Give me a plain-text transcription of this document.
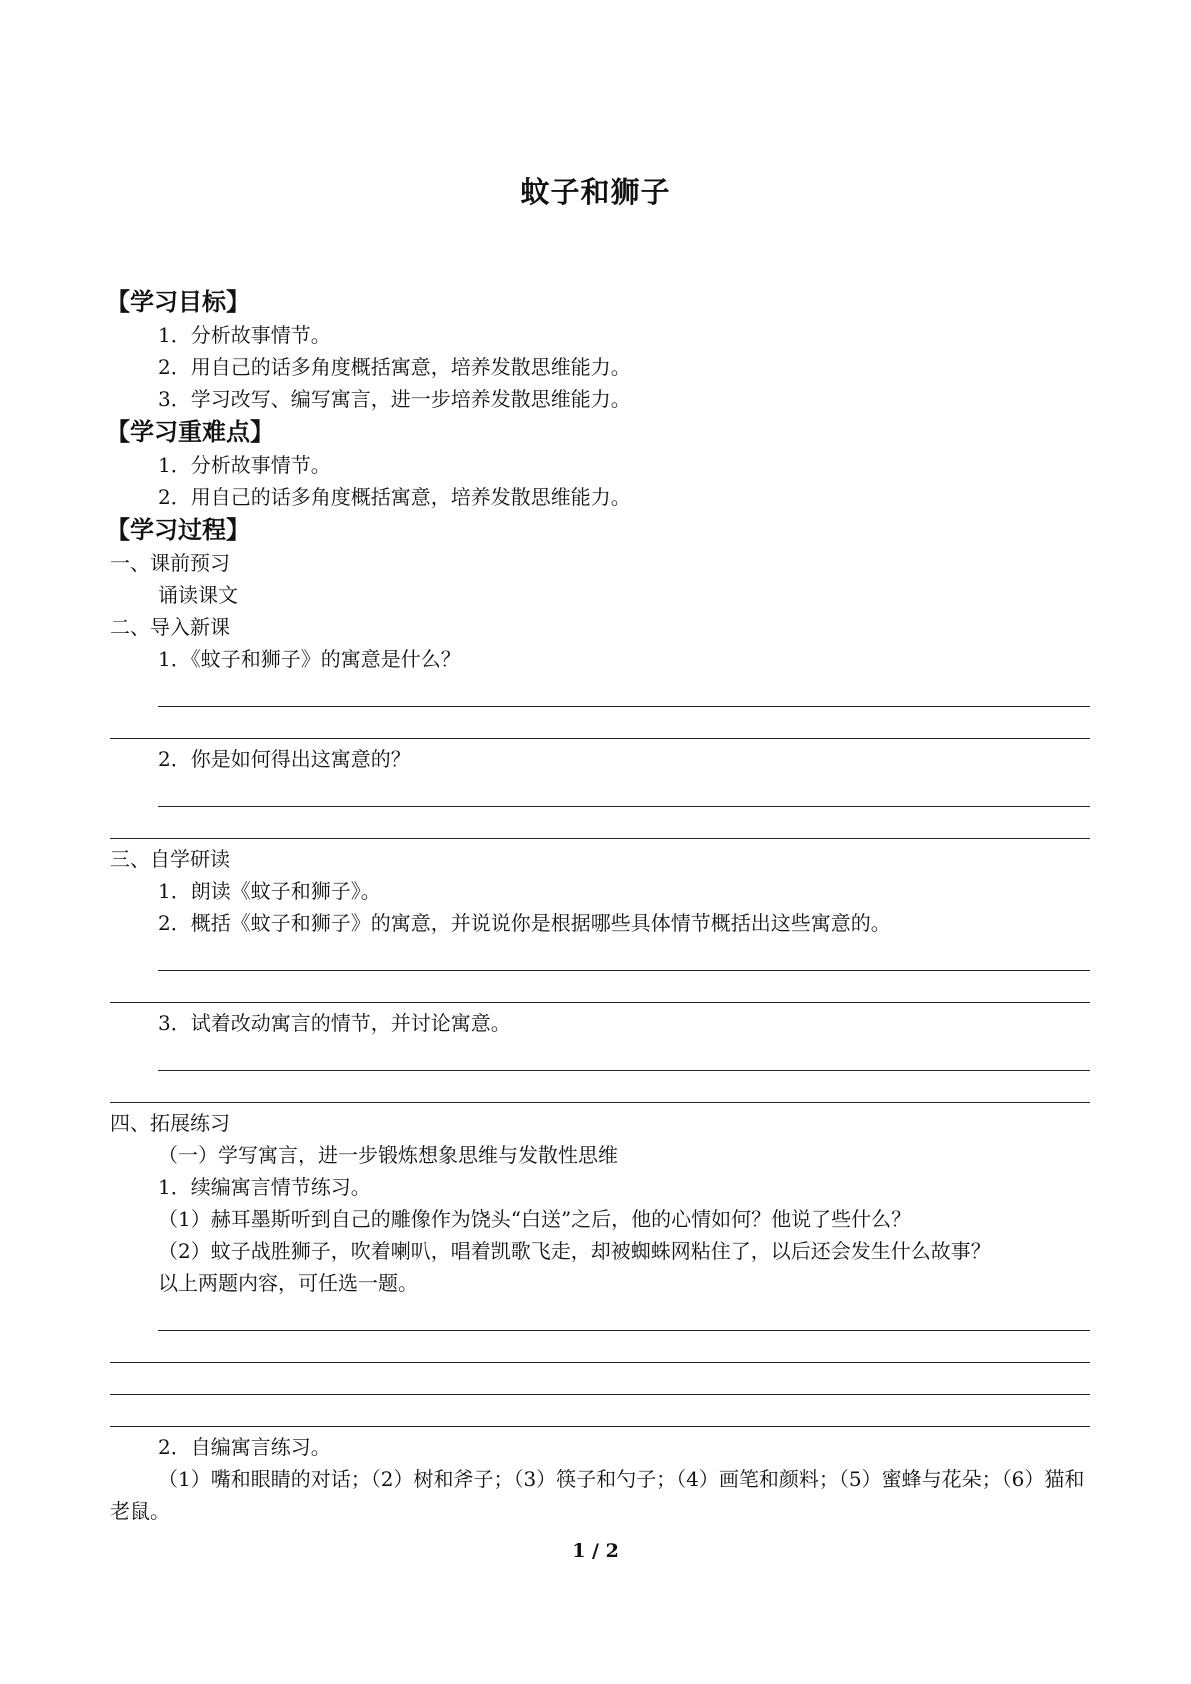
蚊子和狮子
【学习目标】
1．分析故事情节。
2．用自己的话多角度概括寓意，培养发散思维能力。
3．学习改写、编写寓言，进一步培养发散思维能力。
【学习重难点】
1．分析故事情节。
2．用自己的话多角度概括寓意，培养发散思维能力。
【学习过程】
一、课前预习
诵读课文
二、导入新课
1．《蚊子和狮子》的寓意是什么？
2．你是如何得出这寓意的？
三、自学研读
1．朗读《蚊子和狮子》。
2．概括《蚊子和狮子》的寓意，并说说你是根据哪些具体情节概括出这些寓意的。
3．试着改动寓言的情节，并讨论寓意。
四、拓展练习
（一）学写寓言，进一步锻炼想象思维与发散性思维
1．续编寓言情节练习。
（1）赫耳墨斯听到自己的雕像作为饶头“白送”之后，他的心情如何？他说了些什么？
（2）蚊子战胜狮子，吹着喇叭，唱着凯歌飞走，却被蜘蛛网粘住了，以后还会发生什么故事？
以上两题内容，可任选一题。
2．自编寓言练习。
（1）嘴和眼睛的对话；（2）树和斧子；（3）筷子和勺子；（4）画笔和颜料；（5）蜜蜂与花朵；（6）猫和老鼠。
1 / 2
